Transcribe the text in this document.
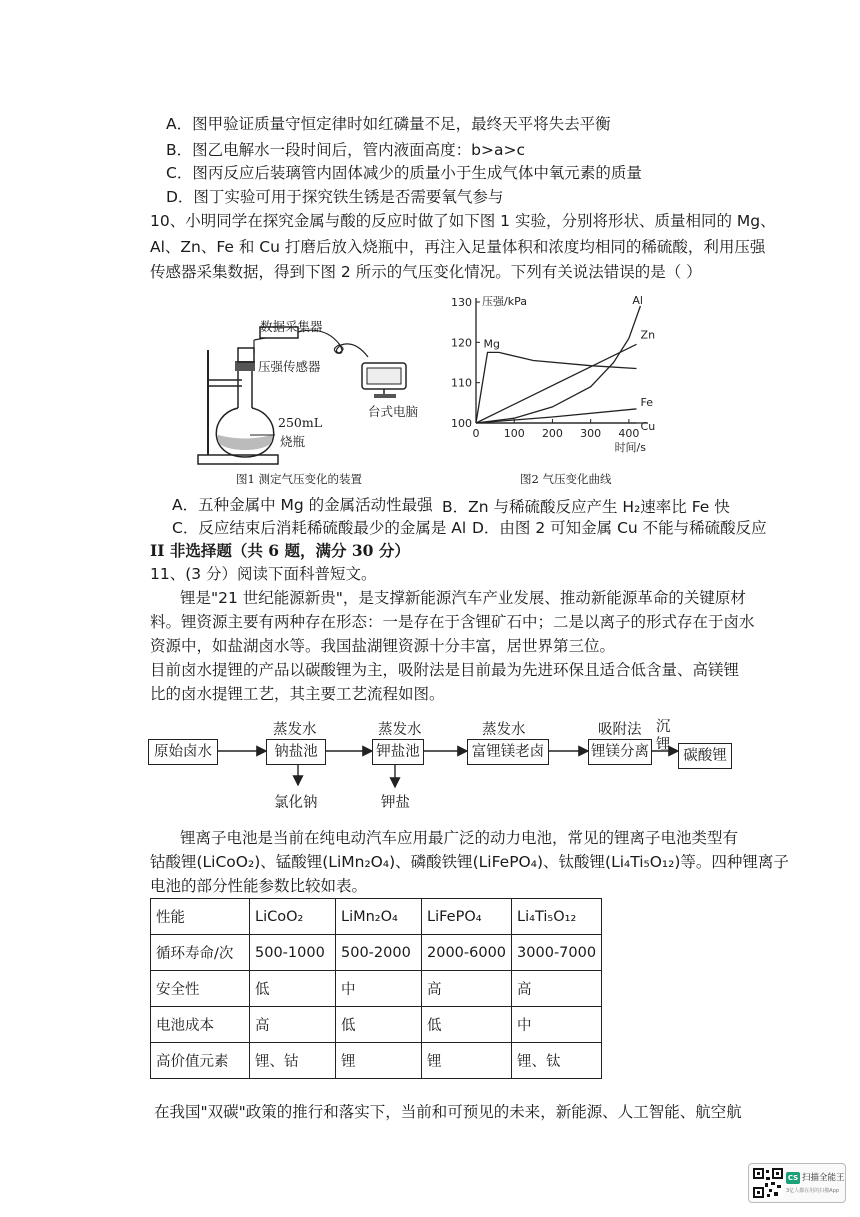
A．图甲验证质量守恒定律时如红磷量不足，最终天平将失去平衡
B．图乙电解水一段时间后，管内液面高度：b>a>c
C．图丙反应后装璃管内固体减少的质量小于生成气体中氧元素的质量
D．图丁实验可用于探究铁生锈是否需要氧气参与
10、小明同学在探究金属与酸的反应时做了如下图 1 实验，分别将形状、质量相同的 Mg、
Al、Zn、Fe 和 Cu 打磨后放入烧瓶中，再注入足量体积和浓度均相同的稀硫酸，利用压强
传感器采集数据，得到下图 2 所示的气压变化情况。下列有关说法错误的是（ ）
数据采集器
压强传感器
台式电脑
250mL
烧瓶
图1 测定气压变化的装置
0 100 200 300 400
100
110
120
130 压强/kPa
时间/s
Mg
Al
Zn
Fe
Cu
图2 气压变化曲线
A．五种金属中 Mg 的金属活动性最强 B．Zn 与稀硫酸反应产生 H₂速率比 Fe 快
C．反应结束后消耗稀硫酸最少的金属是 Al D．由图 2 可知金属 Cu 不能与稀硫酸反应
II 非选择题（共 6 题，满分 30 分）
11、(3 分）阅读下面科普短文。
锂是"21 世纪能源新贵"，是支撑新能源汽车产业发展、推动新能源革命的关键原材
料。锂资源主要有两种存在形态：一是存在于含锂矿石中；二是以离子的形式存在于卤水
资源中，如盐湖卤水等。我国盐湖锂资源十分丰富，居世界第三位。
目前卤水提锂的产品以碳酸锂为主，吸附法是目前最为先进环保且适合低含量、高镁锂
比的卤水提锂工艺，其主要工艺流程如图。
蒸发水	蒸发水	蒸发水	吸附法 沉
锂
原始卤水	钠盐池	钾盐池	富锂镁老卤	锂镁分离	碳酸锂
氯化钠	钾盐
锂离子电池是当前在纯电动汽车应用最广泛的动力电池，常见的锂离子电池类型有
钴酸锂(LiCoO₂)、锰酸锂(LiMn₂O₄)、磷酸铁锂(LiFePO₄)、钛酸锂(Li₄Ti₅O₁₂)等。四种锂离子
电池的部分性能参数比较如表。
性能	LiCoO₂	LiMn₂O₄	LiFePO₄	Li₄Ti₅O₁₂
循环寿命/次	500-1000	500-2000	2000-6000	3000-7000
安全性	低	中	高	高
电池成本	高	低	低	中
高价值元素	锂、钴	锂	锂	锂、钛
在我国"双碳"政策的推行和落实下，当前和可预见的未来，新能源、人工智能、航空航
CS 扫描全能王
3亿人都在用的扫描App
